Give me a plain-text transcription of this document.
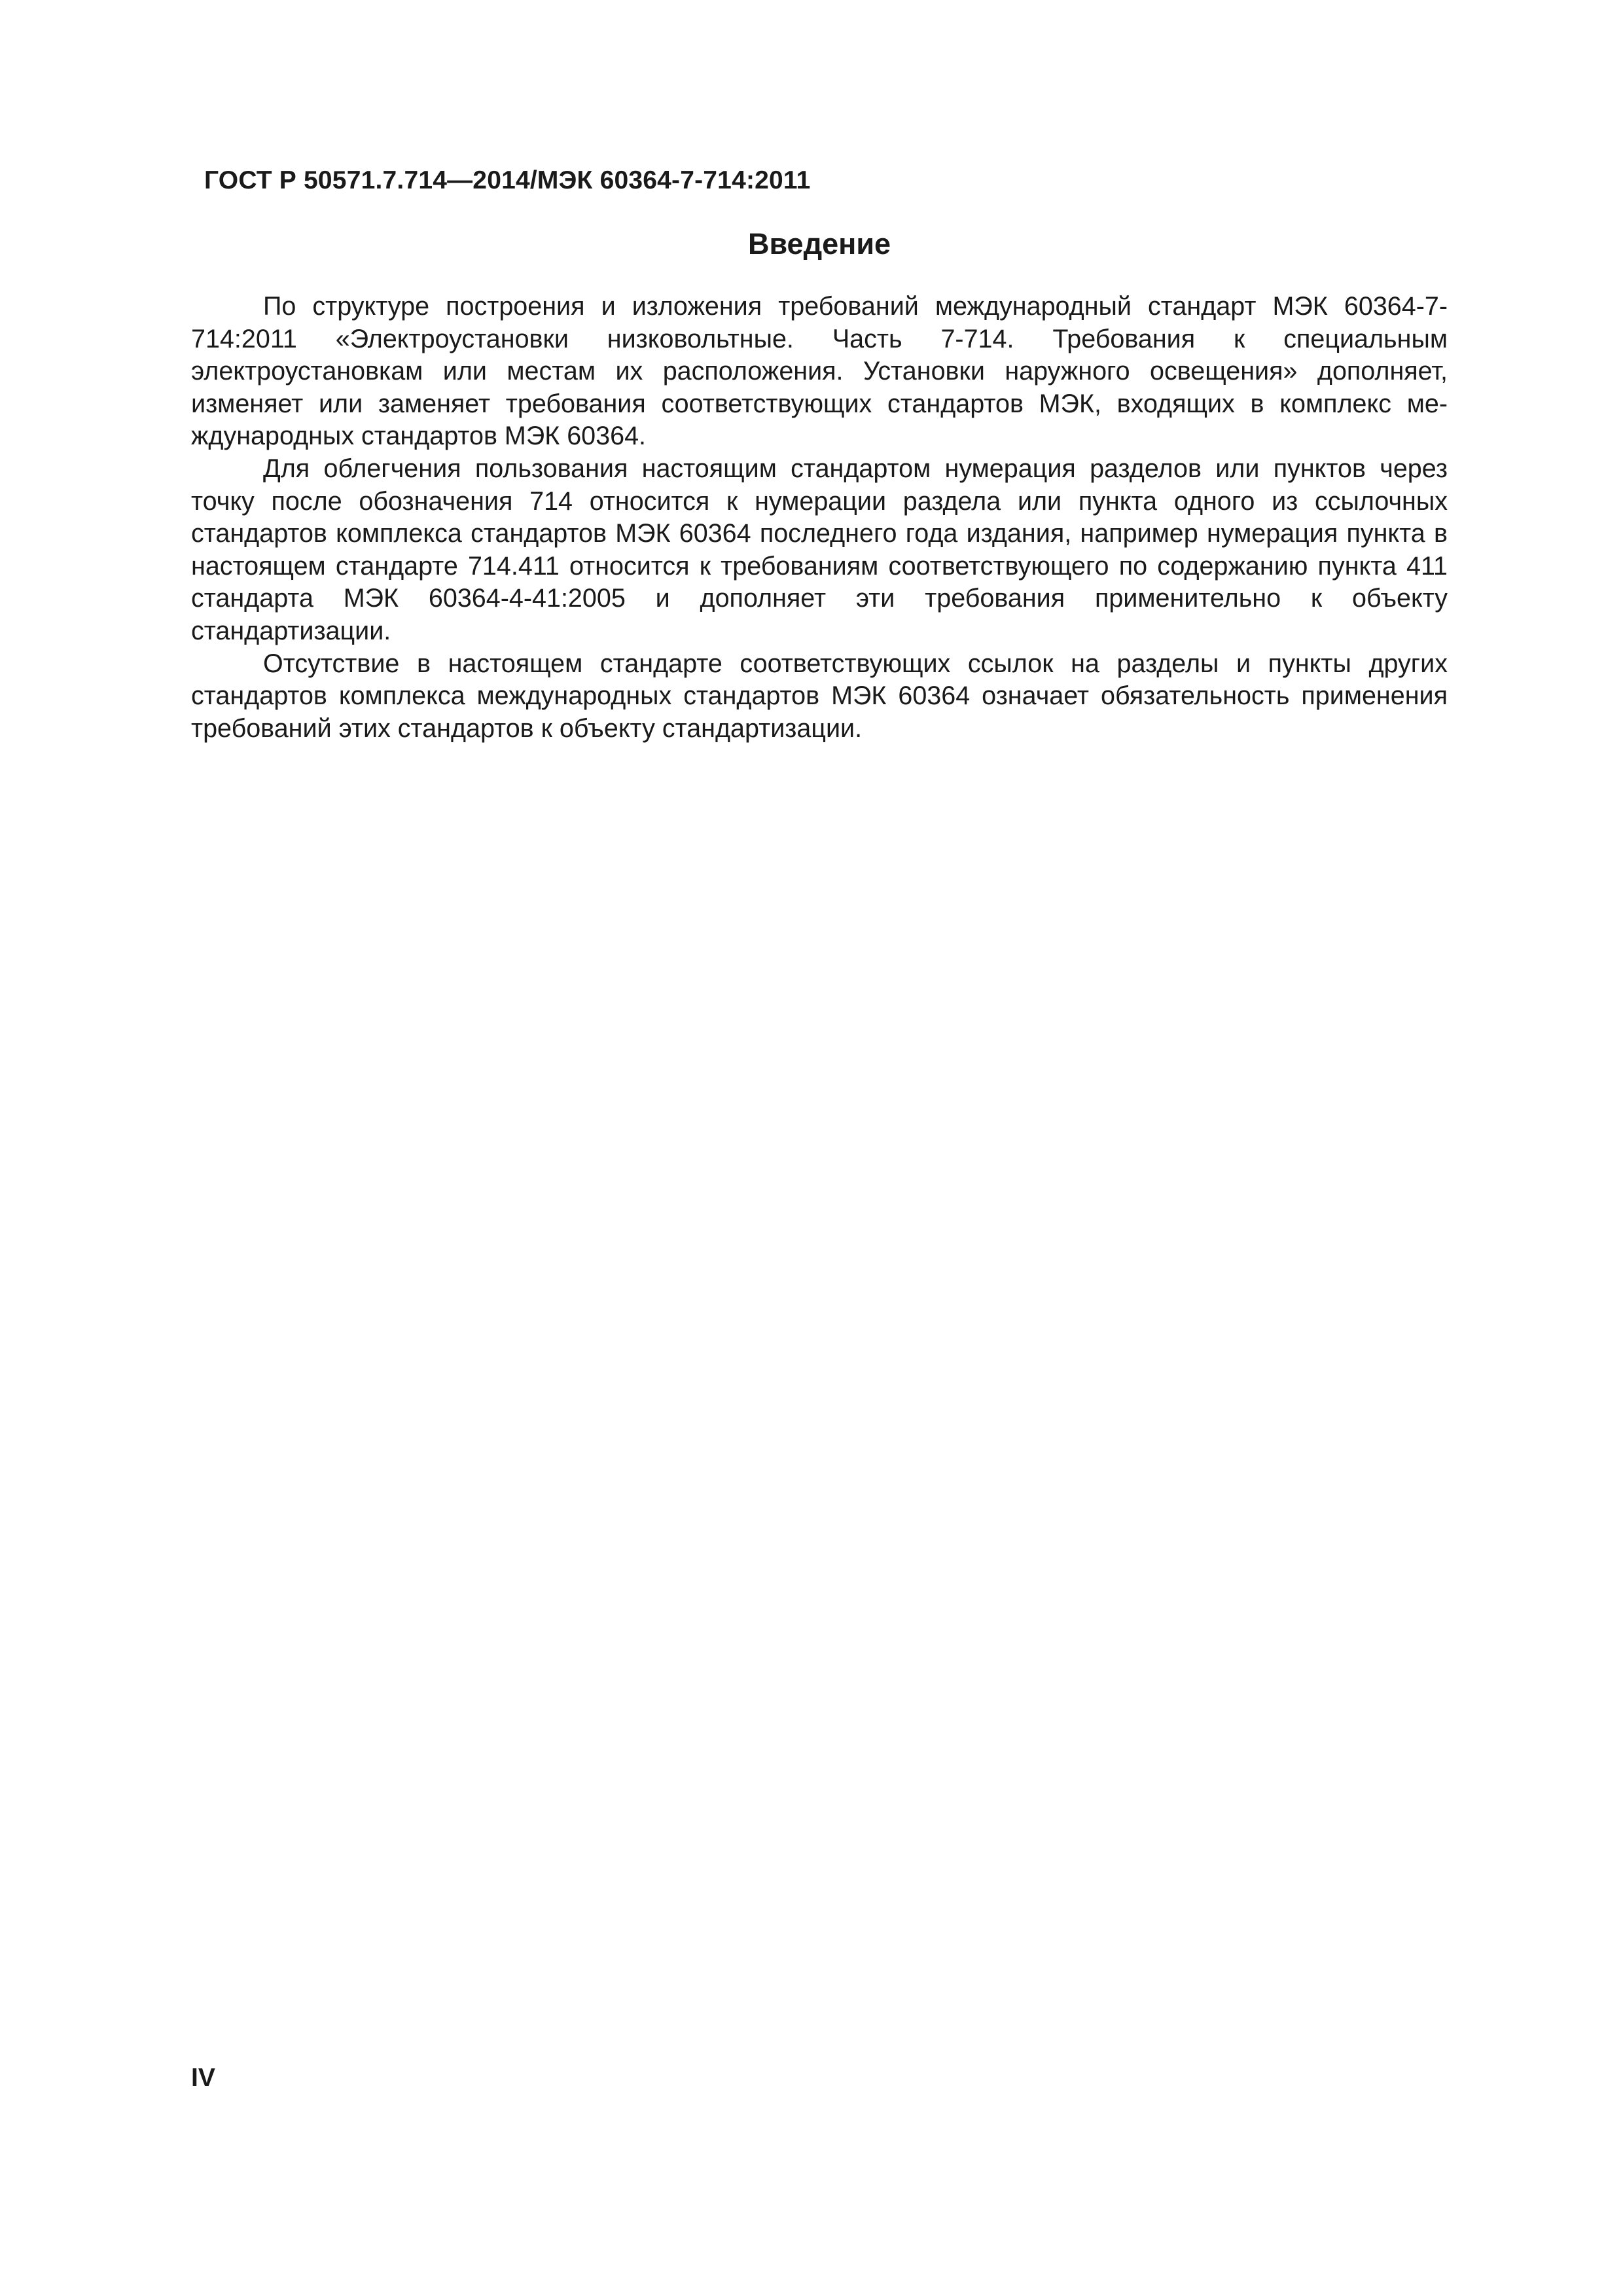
ГОСТ Р 50571.7.714—2014/МЭК 60364-7-714:2011
Введение

По структуре построения и изложения требований международный стандарт МЭК 60364-7-714:2011 «Электроустановки низковольтные. Часть 7-714. Требования к специальным электроустановкам или местам их расположения. Установки наружного освещения» дополняет, изменяет или заменяет требования соответствующих стандартов МЭК, входящих в комплекс международных стандартов МЭК 60364.

Для облегчения пользования настоящим стандартом нумерация разделов или пунктов через точку после обозначения 714 относится к нумерации раздела или пункта одного из ссылочных стандартов комплекса стандартов МЭК 60364 последнего года издания, например нумерация пункта в настоящем стандарте 714.411 относится к требованиям соответствующего по содержанию пункта 411 стандарта МЭК 60364-4-41:2005 и дополняет эти требования применительно к объекту стандартизации.

Отсутствие в настоящем стандарте соответствующих ссылок на разделы и пункты других стандартов комплекса международных стандартов МЭК 60364 означает обязательность применения требований этих стандартов к объекту стандартизации.

IV
